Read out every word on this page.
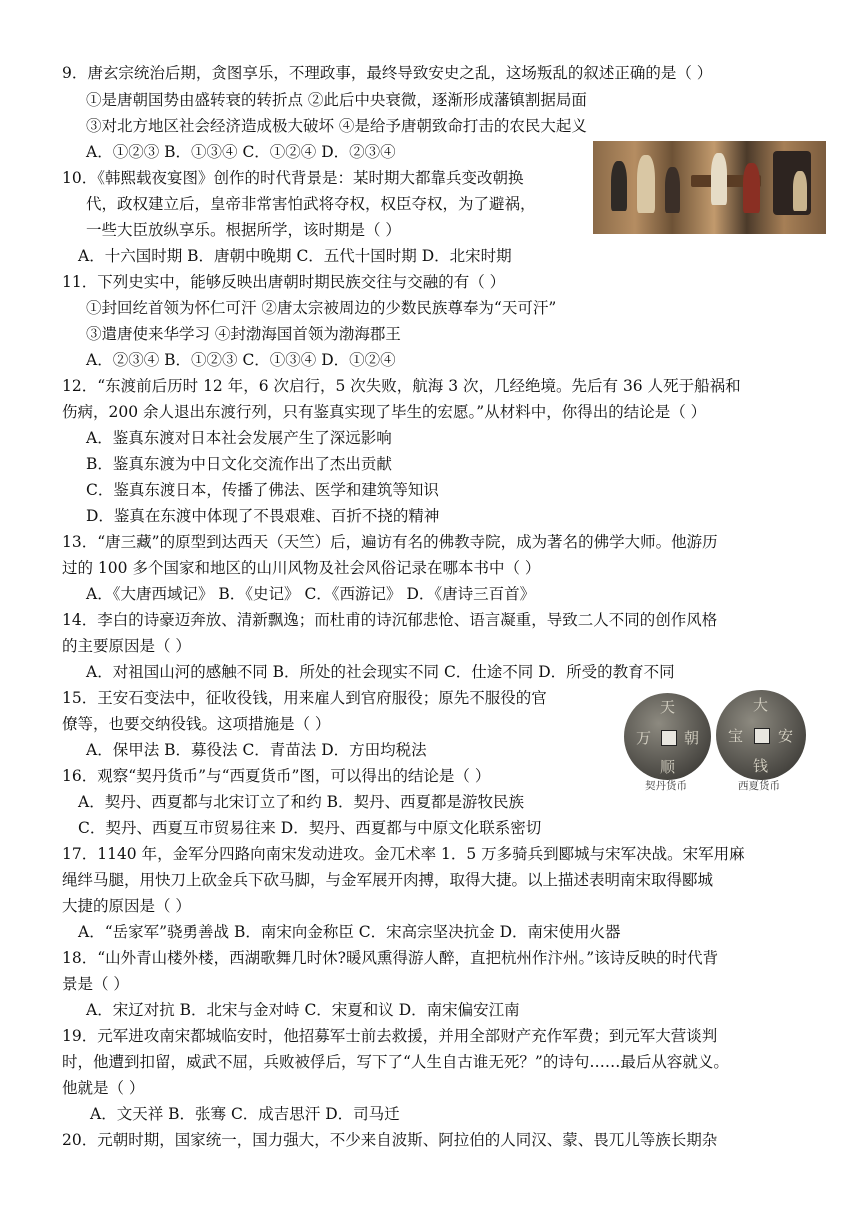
9．唐玄宗统治后期，贪图享乐，不理政事，最终导致安史之乱，这场叛乱的叙述正确的是（ ）
①是唐朝国势由盛转衰的转折点 ②此后中央衰微，逐渐形成藩镇割据局面
③对北方地区社会经济造成极大破坏 ④是给予唐朝致命打击的农民大起义
A．①②③ B．①③④ C．①②④ D．②③④
10．《韩熙载夜宴图》创作的时代背景是：某时期大都靠兵变改朝换
代，政权建立后，皇帝非常害怕武将夺权，权臣夺权，为了避祸，
一些大臣放纵享乐。根据所学，该时期是（ ）
A．十六国时期 B．唐朝中晚期 C．五代十国时期 D．北宋时期
11．下列史实中，能够反映出唐朝时期民族交往与交融的有（ ）
①封回纥首领为怀仁可汗 ②唐太宗被周边的少数民族尊奉为“天可汗”
③遣唐使来华学习 ④封渤海国首领为渤海郡王
A．②③④ B．①②③ C．①③④ D．①②④
12．“东渡前后历时 12 年，6 次启行，5 次失败，航海 3 次，几经绝境。先后有 36 人死于船祸和
伤病，200 余人退出东渡行列，只有鉴真实现了毕生的宏愿。”从材料中，你得出的结论是（ ）
A．鉴真东渡对日本社会发展产生了深远影响
B．鉴真东渡为中日文化交流作出了杰出贡献
C．鉴真东渡日本，传播了佛法、医学和建筑等知识
D．鉴真在东渡中体现了不畏艰难、百折不挠的精神
13．“唐三藏”的原型到达西天（天竺）后，遍访有名的佛教寺院，成为著名的佛学大师。他游历
过的 100 多个国家和地区的山川风物及社会风俗记录在哪本书中（ ）
A．《大唐西域记》 B．《史记》 C．《西游记》 D．《唐诗三百首》
14．李白的诗豪迈奔放、清新飘逸；而杜甫的诗沉郁悲怆、语言凝重，导致二人不同的创作风格
的主要原因是（ ）
A．对祖国山河的感触不同 B．所处的社会现实不同 C．仕途不同 D．所受的教育不同
15．王安石变法中，征收役钱，用来雇人到官府服役；原先不服役的官
僚等，也要交纳役钱。这项措施是（ ）
A．保甲法 B．募役法 C．青苗法 D．方田均税法
16．观察“契丹货币”与“西夏货币”图，可以得出的结论是（ ）
A．契丹、西夏都与北宋订立了和约 B．契丹、西夏都是游牧民族
C．契丹、西夏互市贸易往来 D．契丹、西夏都与中原文化联系密切
17．1140 年，金军分四路向南宋发动进攻。金兀术率 1．5 万多骑兵到郾城与宋军决战。宋军用麻
绳绊马腿，用快刀上砍金兵下砍马脚，与金军展开肉搏，取得大捷。以上描述表明南宋取得郾城
大捷的原因是（ ）
A．“岳家军”骁勇善战 B．南宋向金称臣 C．宋高宗坚决抗金 D．南宋使用火器
18．“山外青山楼外楼，西湖歌舞几时休?暖风熏得游人醉，直把杭州作汴州。”该诗反映的时代背
景是（ ）
A．宋辽对抗 B．北宋与金对峙 C．宋夏和议 D．南宋偏安江南
19．元军进攻南宋都城临安时，他招募军士前去救援，并用全部财产充作军费；到元军大营谈判
时，他遭到扣留，威武不屈，兵败被俘后，写下了“人生自古谁无死？”的诗句……最后从容就义。
他就是（ ）
A．文天祥 B．张骞 C．成吉思汗 D．司马迁
20．元朝时期，国家统一，国力强大，不少来自波斯、阿拉伯的人同汉、蒙、畏兀儿等族长期杂
天
朝
万
顺
大
安
宝
钱
契丹货币	西夏货币
